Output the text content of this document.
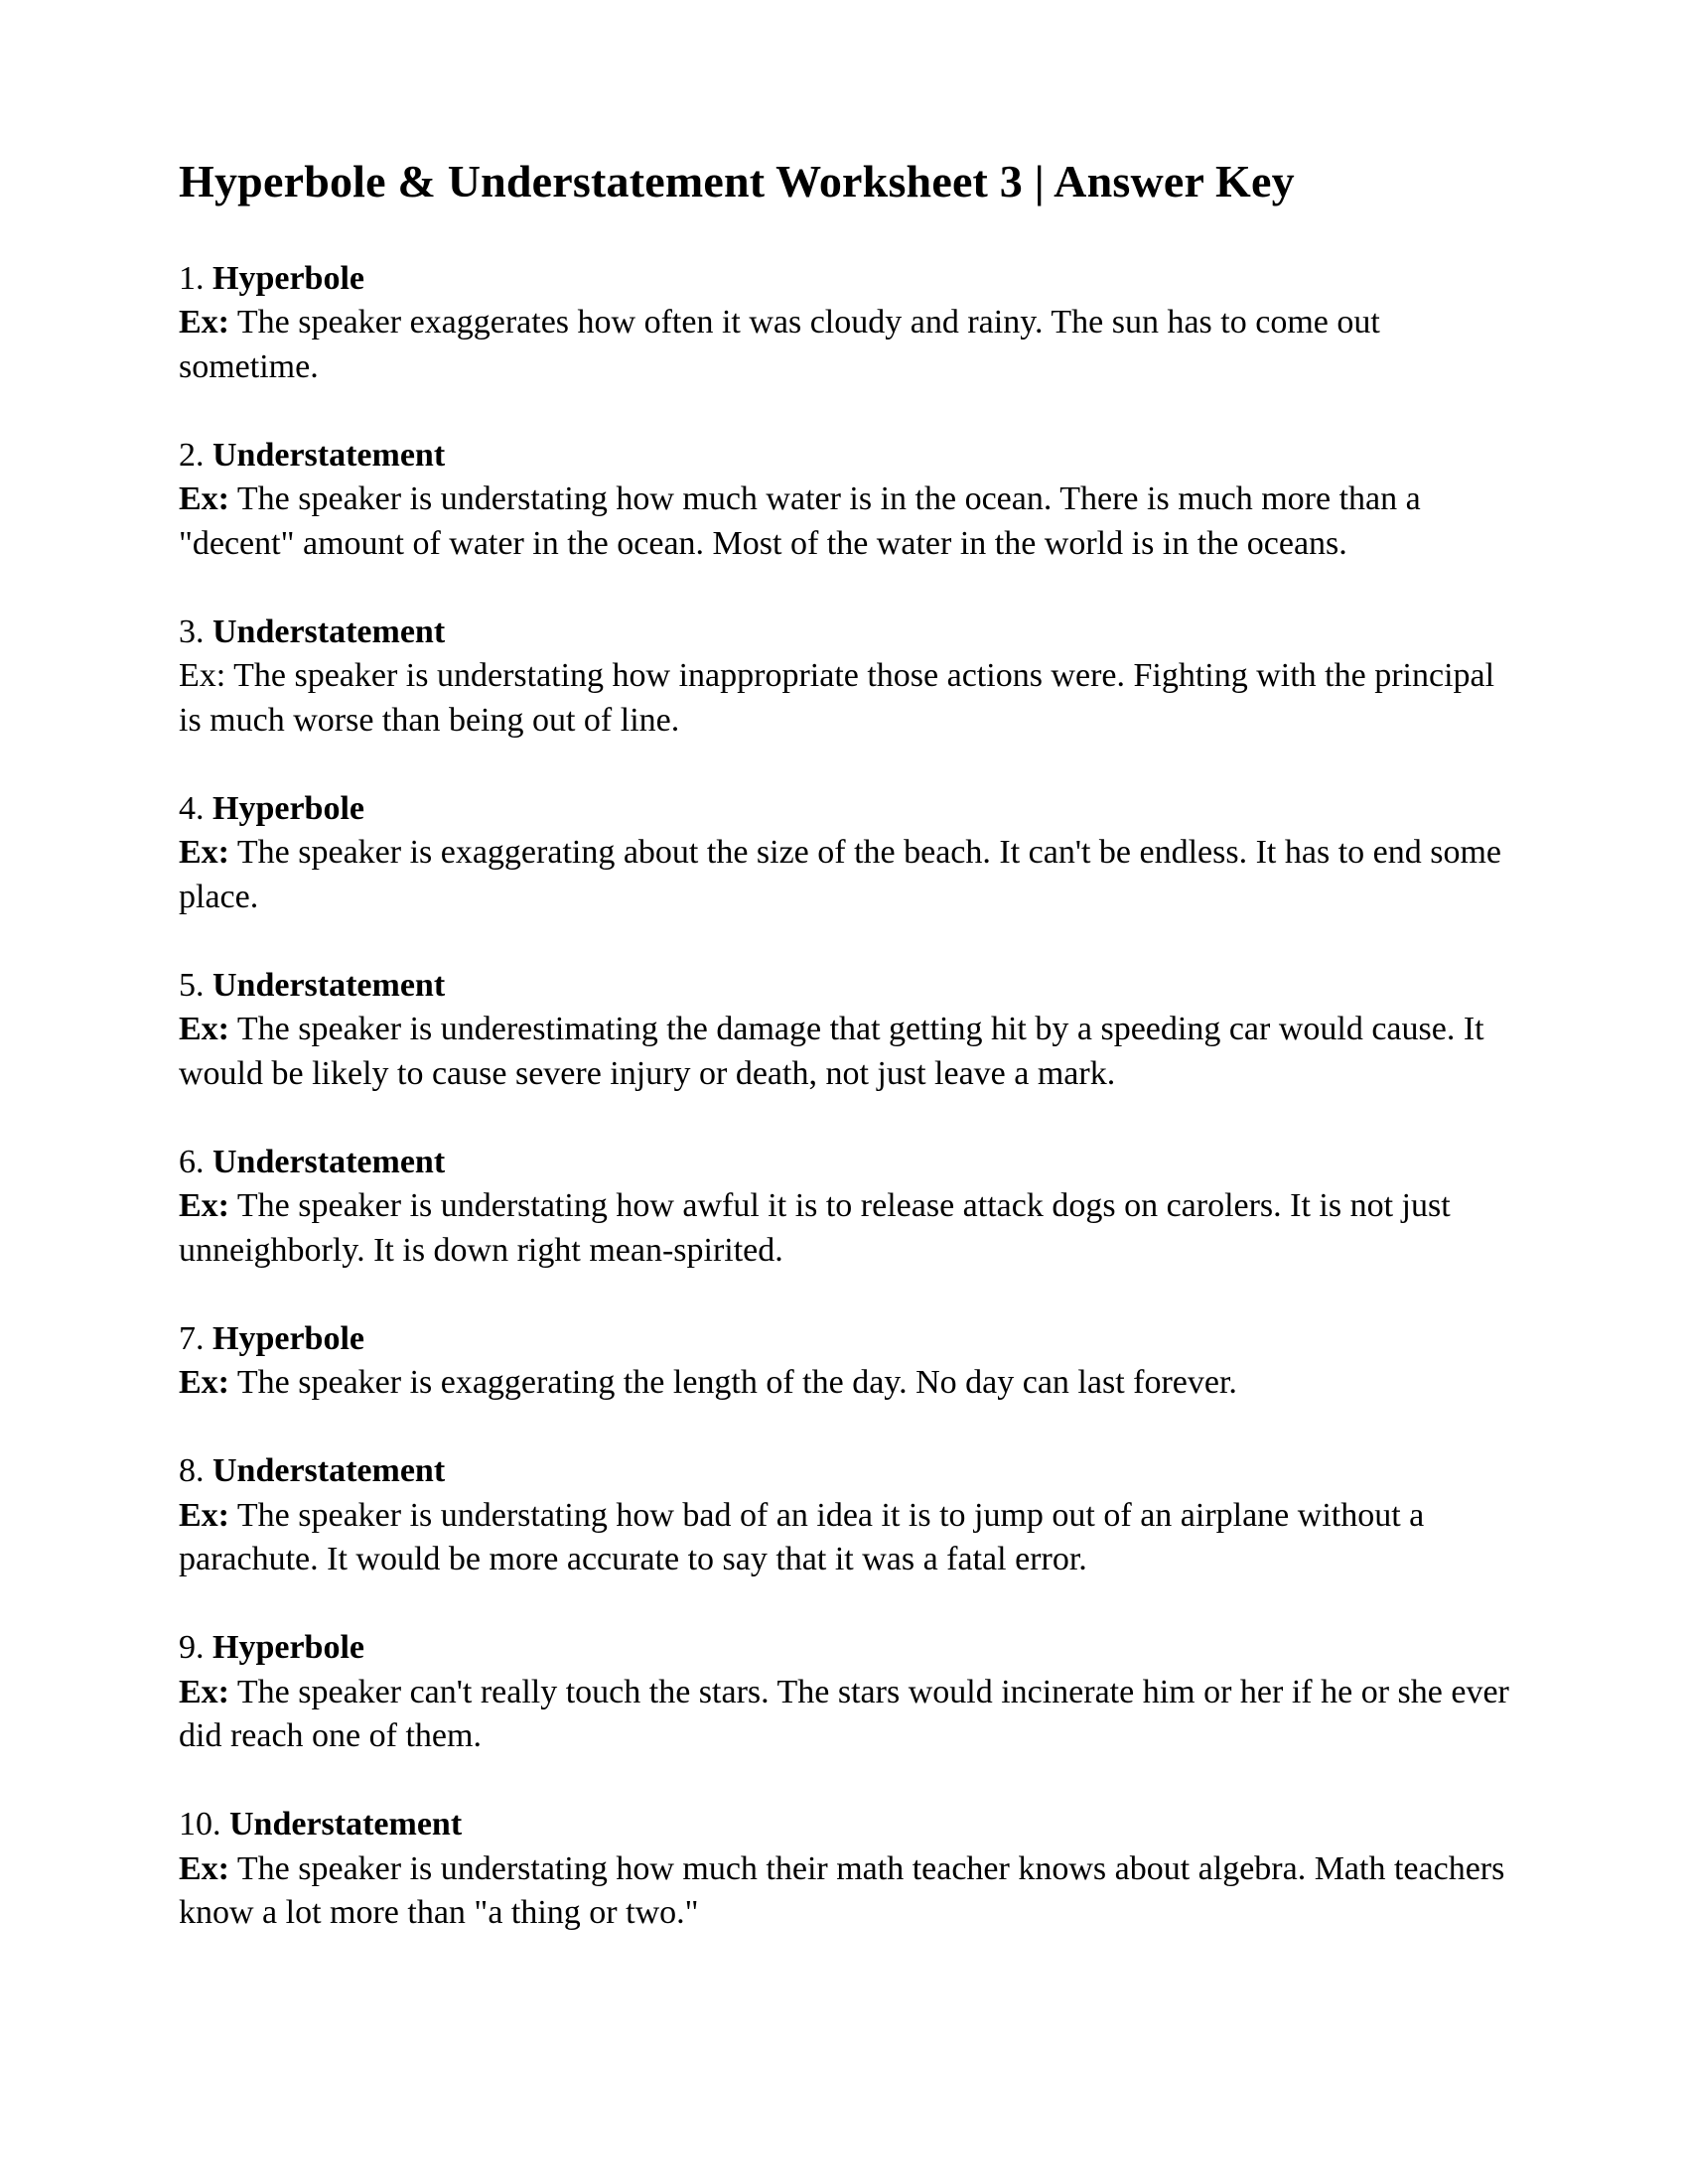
Hyperbole & Understatement Worksheet 3 | Answer Key

1. Hyperbole

Ex: The speaker exaggerates how often it was cloudy and rainy. The sun has to come out sometime.

2. Understatement

Ex: The speaker is understating how much water is in the ocean. There is much more than a "decent" amount of water in the ocean. Most of the water in the world is in the oceans.

3. Understatement

Ex: The speaker is understating how inappropriate those actions were. Fighting with the principal is much worse than being out of line.

4. Hyperbole

Ex: The speaker is exaggerating about the size of the beach. It can't be endless. It has to end some place.

5. Understatement

Ex: The speaker is underestimating the damage that getting hit by a speeding car would cause. It would be likely to cause severe injury or death, not just leave a mark.

6. Understatement

Ex: The speaker is understating how awful it is to release attack dogs on carolers. It is not just unneighborly. It is down right mean-spirited.

7. Hyperbole

Ex: The speaker is exaggerating the length of the day. No day can last forever.

8. Understatement

Ex: The speaker is understating how bad of an idea it is to jump out of an airplane without a parachute. It would be more accurate to say that it was a fatal error.

9. Hyperbole

Ex: The speaker can't really touch the stars. The stars would incinerate him or her if he or she ever did reach one of them.

10. Understatement

Ex: The speaker is understating how much their math teacher knows about algebra. Math teachers know a lot more than "a thing or two."
